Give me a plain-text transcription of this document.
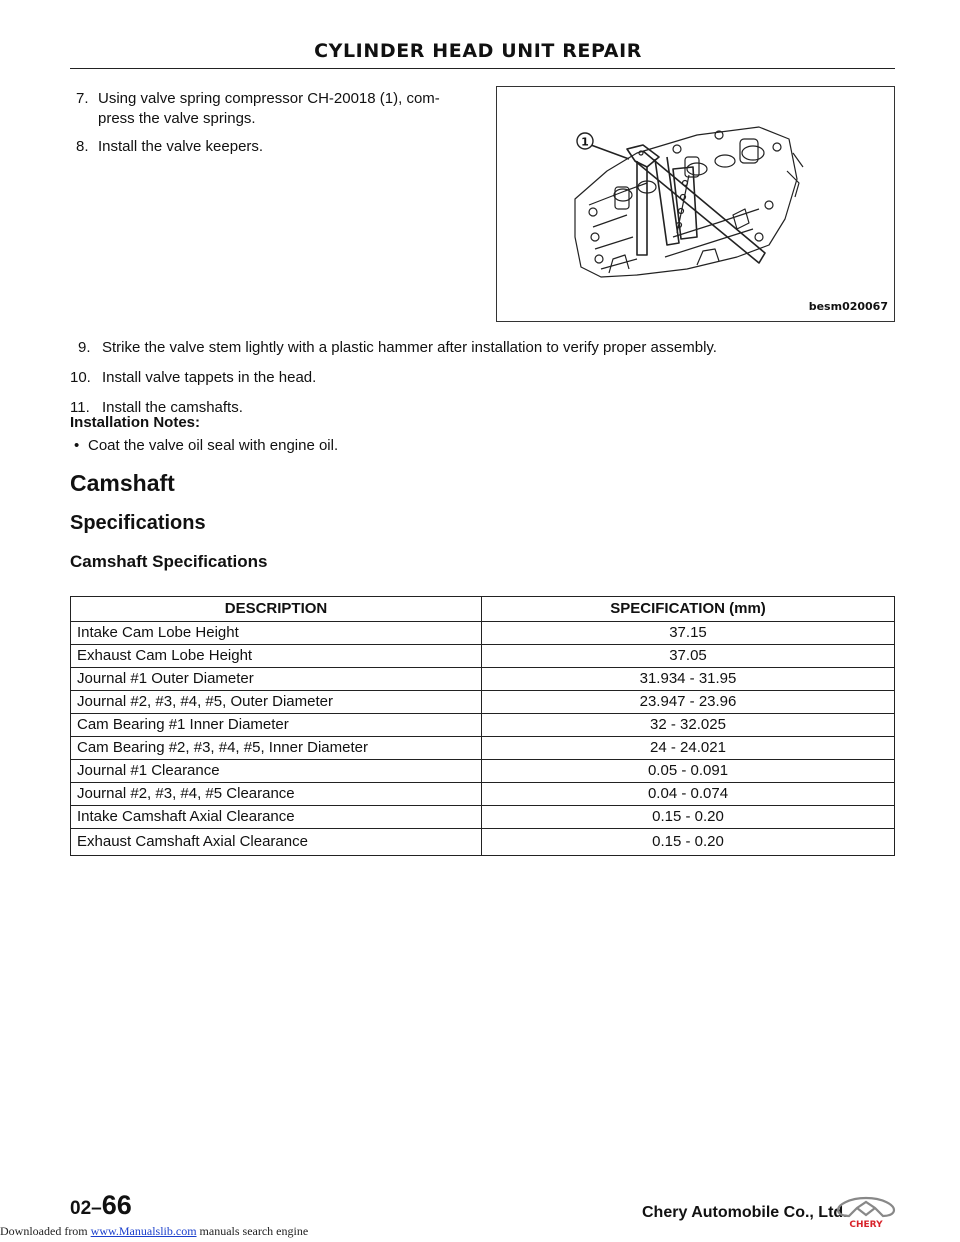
CYLINDER HEAD UNIT REPAIR
7. Using valve spring compressor CH-20018 (1), com-
press the valve springs.
8. Install the valve keepers.	1
besm020067
9. Strike the valve stem lightly with a plastic hammer after installation to verify proper assembly.
10. Install valve tappets in the head.
11. Install the camshafts.
Installation Notes:
• Coat the valve oil seal with engine oil.
Camshaft
Specifications
Camshaft Specifications
DESCRIPTION	SPECIFICATION (mm)
Intake Cam Lobe Height	37.15
Exhaust Cam Lobe Height	37.05
Journal #1 Outer Diameter	31.934 - 31.95
Journal #2, #3, #4, #5, Outer Diameter	23.947 - 23.96
Cam Bearing #1 Inner Diameter	32 - 32.025
Cam Bearing #2, #3, #4, #5, Inner Diameter	24 - 24.021
Journal #1 Clearance	0.05 - 0.091
Journal #2, #3, #4, #5 Clearance	0.04 - 0.074
Intake Camshaft Axial Clearance	0.15 - 0.20
Exhaust Camshaft Axial Clearance	0.15 - 0.20
02–66	Chery Automobile Co., Ltd.
CHERY
Downloaded from www.Manualslib.com manuals search engine
